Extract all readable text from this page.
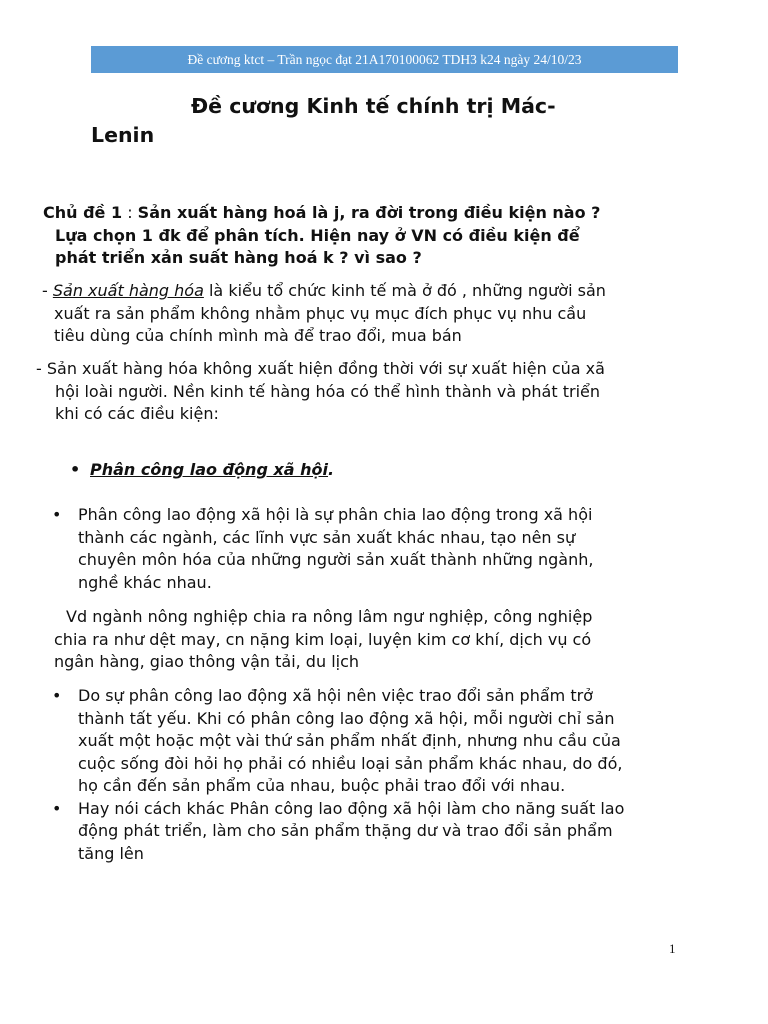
Đề cương ktct – Trần ngọc đạt 21A170100062 TDH3 k24 ngày 24/10/23
Đề cương Kinh tế chính trị Mác-
Lenin
Chủ đề 1 : Sản xuất hàng hoá là j, ra đời trong điều kiện nào ?
Lựa chọn 1 đk để phân tích. Hiện nay ở VN có điều kiện để
phát triển xản suất hàng hoá k ? vì sao ?
- Sản xuất hàng hóa là kiểu tổ chức kinh tế mà ở đó , những người sản
xuất ra sản phẩm không nhằm phục vụ mục đích phục vụ nhu cầu
tiêu dùng của chính mình mà để trao đổi, mua bán
- Sản xuất hàng hóa không xuất hiện đồng thời với sự xuất hiện của xã
hội loài người. Nền kinh tế hàng hóa có thể hình thành và phát triển
khi có các điều kiện:
• Phân công lao động xã hội.
• Phân công lao động xã hội là sự phân chia lao động trong xã hội
thành các ngành, các lĩnh vực sản xuất khác nhau, tạo nên sự
chuyên môn hóa của những người sản xuất thành những ngành,
nghề khác nhau.
Vd ngành nông nghiệp chia ra nông lâm ngư nghiệp, công nghiệp
chia ra như dệt may, cn nặng kim loại, luyện kim cơ khí, dịch vụ có
ngân hàng, giao thông vận tải, du lịch
• Do sự phân công lao động xã hội nên việc trao đổi sản phẩm trở
thành tất yếu. Khi có phân công lao động xã hội, mỗi người chỉ sản
xuất một hoặc một vài thứ sản phẩm nhất định, nhưng nhu cầu của
cuộc sống đòi hỏi họ phải có nhiều loại sản phẩm khác nhau, do đó,
họ cần đến sản phẩm của nhau, buộc phải trao đổi với nhau.
• Hay nói cách khác Phân công lao động xã hội làm cho năng suất lao
động phát triển, làm cho sản phẩm thặng dư và trao đổi sản phẩm
tăng lên
1
